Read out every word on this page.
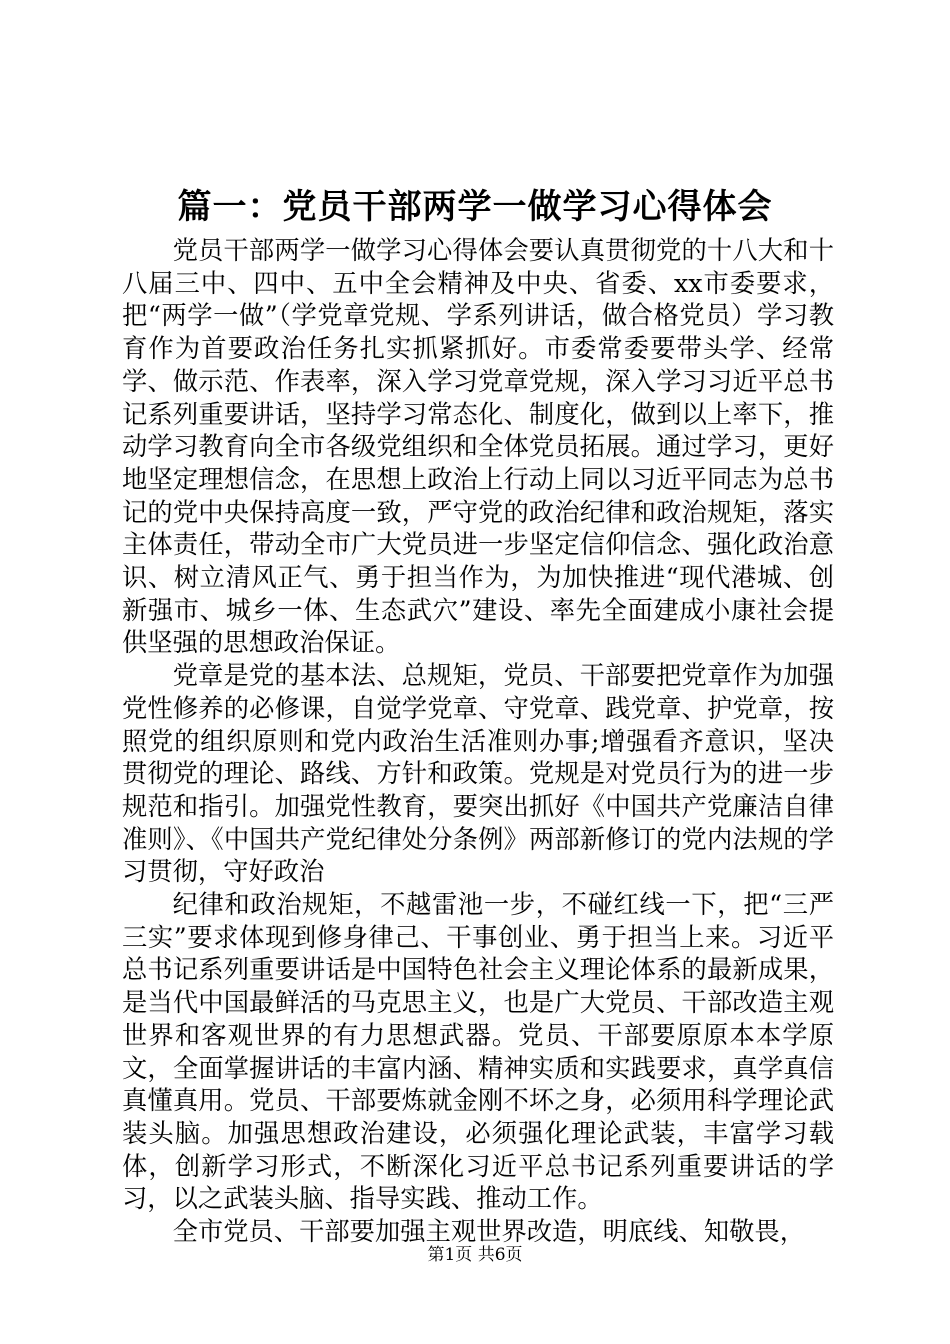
篇一：党员干部两学一做学习心得体会

党员干部两学一做学习心得体会要认真贯彻党的十八大和十八届三中、四中、五中全会精神及中央、省委、xx市委要求，把“两学一做”（学党章党规、学系列讲话，做合格党员）学习教育作为首要政治任务扎实抓紧抓好。市委常委要带头学、经常学、做示范、作表率，深入学习党章党规，深入学习习近平总书记系列重要讲话，坚持学习常态化、制度化，做到以上率下，推动学习教育向全市各级党组织和全体党员拓展。通过学习，更好地坚定理想信念，在思想上政治上行动上同以习近平同志为总书记的党中央保持高度一致，严守党的政治纪律和政治规矩，落实主体责任，带动全市广大党员进一步坚定信仰信念、强化政治意识、树立清风正气、勇于担当作为，为加快推进“现代港城、创新强市、城乡一体、生态武穴”建设、率先全面建成小康社会提供坚强的思想政治保证。

党章是党的基本法、总规矩，党员、干部要把党章作为加强党性修养的必修课，自觉学党章、守党章、践党章、护党章，按照党的组织原则和党内政治生活准则办事;增强看齐意识，坚决贯彻党的理论、路线、方针和政策。党规是对党员行为的进一步规范和指引。加强党性教育，要突出抓好《中国共产党廉洁自律准则》、《中国共产党纪律处分条例》两部新修订的党内法规的学习贯彻，守好政治

纪律和政治规矩，不越雷池一步，不碰红线一下，把“三严三实”要求体现到修身律己、干事创业、勇于担当上来。习近平总书记系列重要讲话是中国特色社会主义理论体系的最新成果，是当代中国最鲜活的马克思主义，也是广大党员、干部改造主观世界和客观世界的有力思想武器。党员、干部要原原本本学原文，全面掌握讲话的丰富内涵、精神实质和实践要求，真学真信真懂真用。党员、干部要炼就金刚不坏之身，必须用科学理论武装头脑。加强思想政治建设，必须强化理论武装，丰富学习载体，创新学习形式，不断深化习近平总书记系列重要讲话的学习，以之武装头脑、指导实践、推动工作。

全市党员、干部要加强主观世界改造，明底线、知敬畏，

第1页 共6页
